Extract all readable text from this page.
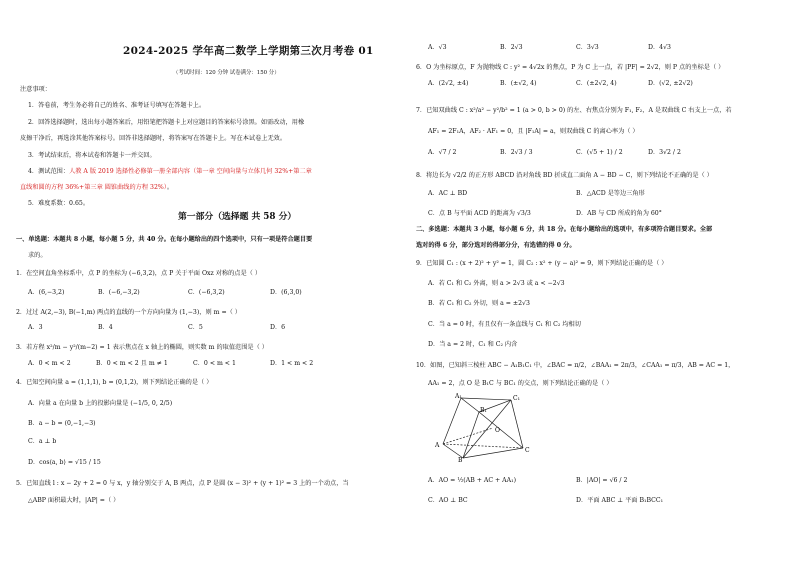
2024-2025 学年高二数学上学期第三次月考卷 01
（考试时间：120 分钟 试卷满分：150 分）
注意事项：
1．答卷前，考生务必将自己的姓名、准考证号填写在答题卡上。
2．回答选择题时，选出每小题答案后，用铅笔把答题卡上对应题目的答案标号涂黑。如需改动，用橡
皮擦干净后，再选涂其他答案标号。回答非选择题时，将答案写在答题卡上。写在本试卷上无效。
3．考试结束后，将本试卷和答题卡一并交回。
4．测试范围：人教 A 版 2019 选择性必修第一册全部内容（第一章 空间向量与立体几何 32%+第二章
直线和圆的方程 36%+第三章 圆锥曲线的方程 32%）。
5．难度系数：0.65。
第一部分（选择题 共 58 分）
一、单选题：本题共 8 小题，每小题 5 分，共 40 分。在每小题给出的四个选项中，只有一项是符合题目要
求的。
1．在空间直角坐标系中，点 P 的坐标为 (−6,3,2)，点 P 关于平面 Oxz 对称的点是（ ）
A．(6,−3,2)	B．(−6,−3,2)	C．(−6,3,2)	D．(6,3,0)
2．过过 A(2,−3), B(−1,m) 两点的直线的一个方向向量为 (1,−3)，则 m =（ ）
A．3	B．4	C．5	D．6
3．若方程 x²/m − y²/(m−2) = 1 表示焦点在 x 轴上的椭圆，则实数 m 的取值范围是（ ）
A．0 < m < 2	B．0 < m < 2 且 m ≠ 1	C．0 < m < 1	D．1 < m < 2
4．已知空间向量 a = (1,1,1), b = (0,1,2)，则下列结论正确的是（ ）
A．向量 a 在向量 b 上的投影向量是 (−1/5, 0, 2/5)
B．a − b = (0,−1,−3)
C．a ⊥ b
D．cos⟨a, b⟩ = √15 / 15
5．已知直线 l : x − 2y + 2 = 0 与 x，y 轴分别交于 A, B 两点，点 P 是圆 (x − 3)² + (y + 1)² = 3 上的一个动点，当
△ABP 面积最大时，|AP| =（ ）
A．√3	B．2√3	C．3√3	D．4√3
6．O 为坐标原点，F 为抛物线 C : y² = 4√2x 的焦点，P 为 C 上一点，若 |PF| = 2√2，则 P 点的坐标是（ ）
A．(2√2, ±4)	B．(±√2, 4)	C．(±2√2, 4)	D．(√2, ±2√2)
7．已知双曲线 C : x²/a² − y²/b² = 1 (a > 0, b > 0) 的左、右焦点分别为 F₁, F₂，A 是双曲线 C 右支上一点，若
AF₁ = 2F₁A，AF₂ · AF₁ = 0，且 |F₁A| = a，则双曲线 C 的离心率为（ ）
A．√7 / 2	B．2√3 / 3	C．(√5 + 1) / 2	D．3√2 / 2
8．将边长为 √2/2 的正方形 ABCD 沿对角线 BD 折成直二面角 A − BD − C，则下列结论不正确的是（ ）
A．AC ⊥ BD	B．△ACD 是等边三角形
C．点 B 与平面 ACD 的距离为 √3/3	D．AB 与 CD 所成的角为 60°
二、多选题：本题共 3 小题，每小题 6 分，共 18 分。在每小题给出的选项中，有多项符合题目要求。全部
选对的得 6 分，部分选对的得部分分，有选错的得 0 分。
9．已知圆 C₁ : (x + 2)² + y² = 1，圆 C₂ : x² + (y − a)² = 9，则下列结论正确的是（ ）
A．若 C₁ 和 C₂ 外离，则 a > 2√3 或 a < −2√3
B．若 C₁ 和 C₂ 外切，则 a = ±2√3
C．当 a = 0 时，有且仅有一条直线与 C₁ 和 C₂ 均相切
D．当 a = 2 时，C₁ 和 C₂ 内含
10．如图，已知斜三棱柱 ABC − A₁B₁C₁ 中，∠BAC = π/2，∠BAA₁ = 2π/3，∠CAA₁ = π/3，AB = AC = 1，
AA₁ = 2，点 O 是 B₁C 与 BC₁ 的交点，则下列结论正确的是（ ）
A．AO = ½(AB + AC + AA₁)	B．|AO| = √6 / 2
C．AO ⊥ BC	D．平面 ABC ⊥ 平面 B₁BCC₁
A₁	C₁
B₁
O
A
B
C
